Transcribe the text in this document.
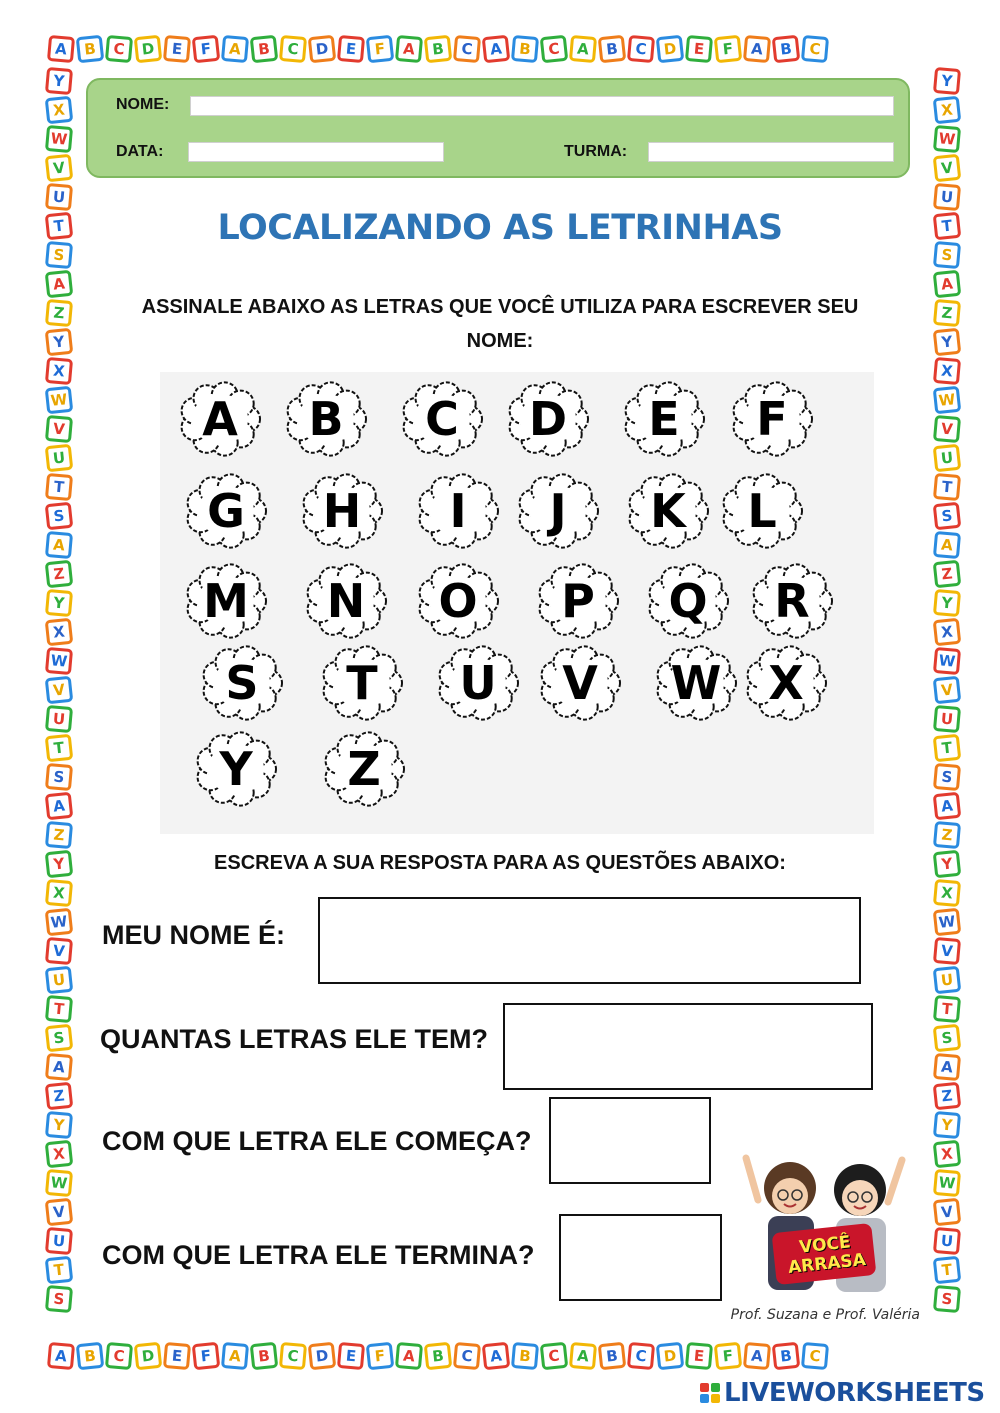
A	B	C	D	E	F	A	B	C	D	E	F	A	B	C	A	B	C	A	B	C	D	E	F	A	B	C
A	B	C	D	E	F	A	B	C	D	E	F	A	B	C	A	B	C	A	B	C	D	E	F	A	B	C
Y
X
W
V
U
T
S
A
Z
Y
X
W
V
U
T
S
A
Z
Y
X
W
V
U
T
S
A
Z
Y
X
W
V
U
T
S
A
Z
Y
X
W
V
U
T
S
Y
X
W
V
U
T
S
A
Z
Y
X
W
V
U
T
S
A
Z
Y
X
W
V
U
T
S
A
Z
Y
X
W
V
U
T
S
A
Z
Y
X
W
V
U
T
S
NOME:
DATA:	TURMA:
LOCALIZANDO AS LETRINHAS
ASSINALE ABAIXO AS LETRAS QUE VOCÊ UTILIZA PARA ESCREVER SEU NOME:
A B C D E F
G H I J K L
M N O P Q R
S T U V W X
Y Z
ESCREVA A SUA RESPOSTA PARA AS QUESTÕES ABAIXO:
MEU NOME É:
QUANTAS LETRAS ELE TEM?
COM QUE LETRA ELE COMEÇA?
COM QUE LETRA ELE TERMINA?	VOCÊ ARRASA
Prof. Suzana e Prof. Valéria
LIVEWORKSHEETS
